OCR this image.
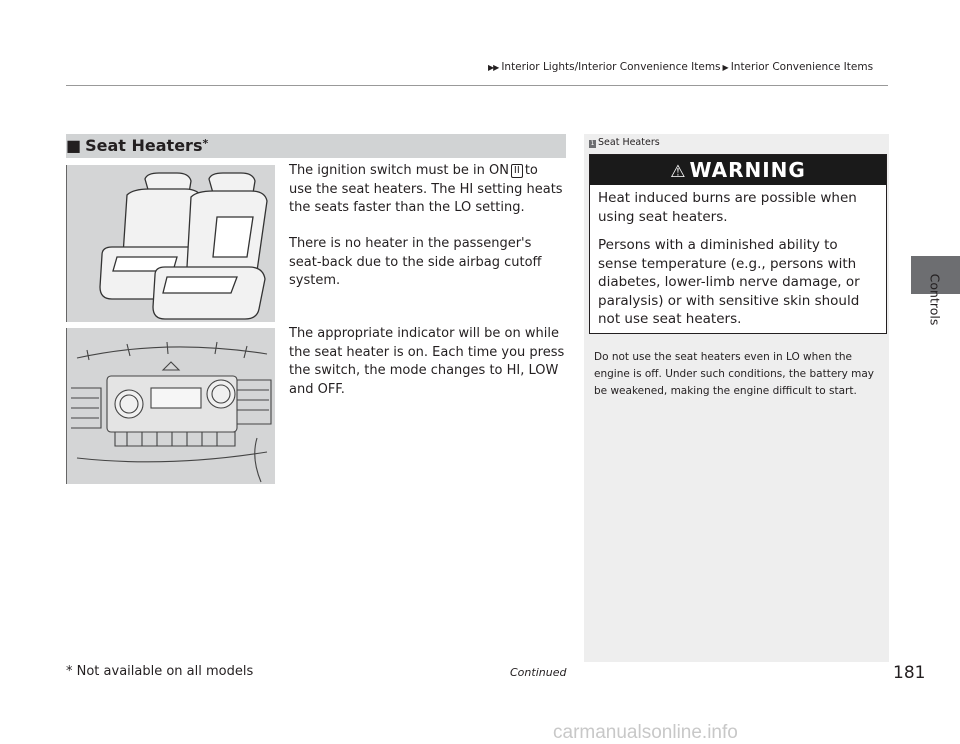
▶▶ Interior Lights/Interior Convenience Items ▶ Interior Convenience Items
Controls
■ Seat Heaters*
The ignition switch must be in ON II to use the seat heaters. The HI setting heats the seats faster than the LO setting.
There is no heater in the passenger's seat-back due to the side airbag cutoff system.
The appropriate indicator will be on while the seat heater is on. Each time you press the switch, the mode changes to HI, LOW and OFF.
1 Seat Heaters
⚠ WARNING

Heat induced burns are possible when using seat heaters.

Persons with a diminished ability to sense temperature (e.g., persons with diabetes, lower-limb nerve damage, or paralysis) or with sensitive skin should not use seat heaters.

Do not use the seat heaters even in LO when the engine is off. Under such conditions, the battery may be weakened, making the engine difficult to start.
* Not available on all models	Continued	181
carmanualsonline.info
